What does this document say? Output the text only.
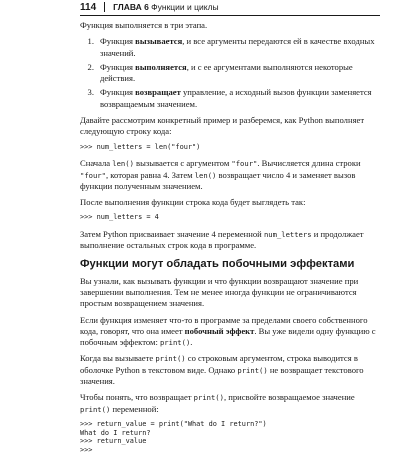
114 ГЛАВА 6 Функции и циклы

Функция выполняется в три этапа.

1. Функция вызывается, и все аргументы передаются ей в качестве входных значений.
2. Функция выполняется, и с ее аргументами выполняются некоторые действия.
3. Функция возвращает управление, а исходный вызов функции заменяется возвращаемым значением.

Давайте рассмотрим конкретный пример и разберемся, как Python выполняет следующую строку кода:

>>> num_letters = len("four")

Сначала len() вызывается с аргументом "four". Вычисляется длина строки "four", которая равна 4. Затем len() возвращает число 4 и заменяет вызов функции полученным значением.

После выполнения функции строка кода будет выглядеть так:

>>> num_letters = 4

Затем Python присваивает значение 4 переменной num_letters и продолжает выполнение остальных строк кода в программе.

Функции могут обладать побочными эффектами

Вы узнали, как вызывать функции и что функции возвращают значение при завершении выполнения. Тем не менее иногда функции не ограничиваются простым возвращением значения.

Если функция изменяет что-то в программе за пределами своего собственного кода, говорят, что она имеет побочный эффект. Вы уже видели одну функцию с побочным эффектом: print().

Когда вы вызываете print() со строковым аргументом, строка выводится в оболочке Python в текстовом виде. Однако print() не возвращает текстового значения.

Чтобы понять, что возвращает print(), присвойте возвращаемое значение print() переменной:

>>> return_value = print("What do I return?")
What do I return?
>>> return_value
>>>
